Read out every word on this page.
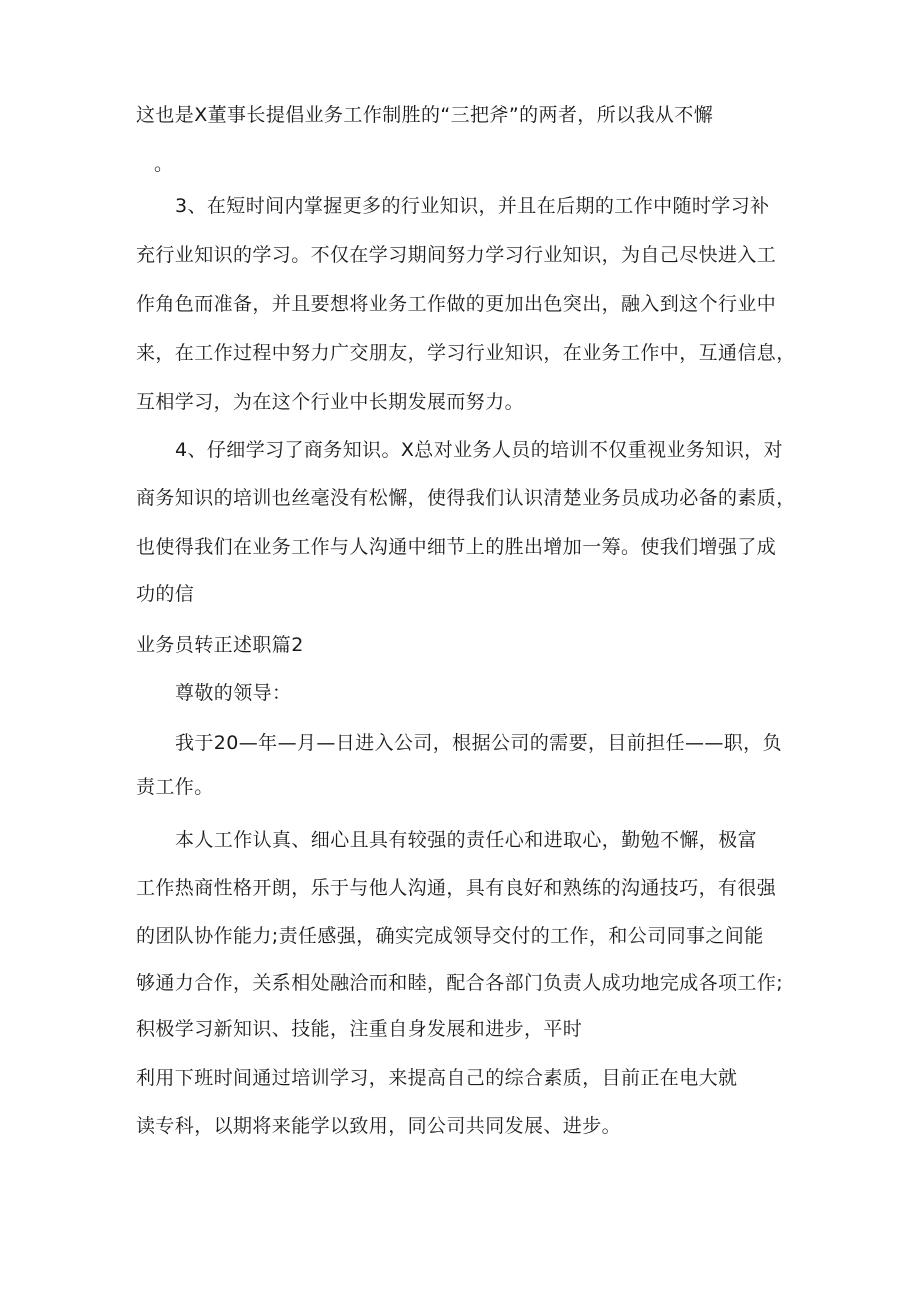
这也是X董事长提倡业务工作制胜的“三把斧”的两者，所以我从不懈
。
3、在短时间内掌握更多的行业知识，并且在后期的工作中随时学习补
充行业知识的学习。不仅在学习期间努力学习行业知识，为自己尽快进入工
作角色而准备，并且要想将业务工作做的更加出色突出，融入到这个行业中
来，在工作过程中努力广交朋友，学习行业知识，在业务工作中，互通信息，
互相学习，为在这个行业中长期发展而努力。
4、仔细学习了商务知识。X总对业务人员的培训不仅重视业务知识，对
商务知识的培训也丝毫没有松懈，使得我们认识清楚业务员成功必备的素质，
也使得我们在业务工作与人沟通中细节上的胜出增加一筹。使我们增强了成
功的信
业务员转正述职篇2
尊敬的领导：
我于20—年—月—日进入公司，根据公司的需要，目前担任——职，负
责工作。
本人工作认真、细心且具有较强的责任心和进取心，勤勉不懈，极富
工作热商性格开朗，乐于与他人沟通，具有良好和熟练的沟通技巧，有很强
的团队协作能力;责任感强，确实完成领导交付的工作，和公司同事之间能
够通力合作，关系相处融洽而和睦，配合各部门负责人成功地完成各项工作;
积极学习新知识、技能，注重自身发展和进步，平时
利用下班时间通过培训学习，来提高自己的综合素质，目前正在电大就
读专科，以期将来能学以致用，同公司共同发展、进步。
